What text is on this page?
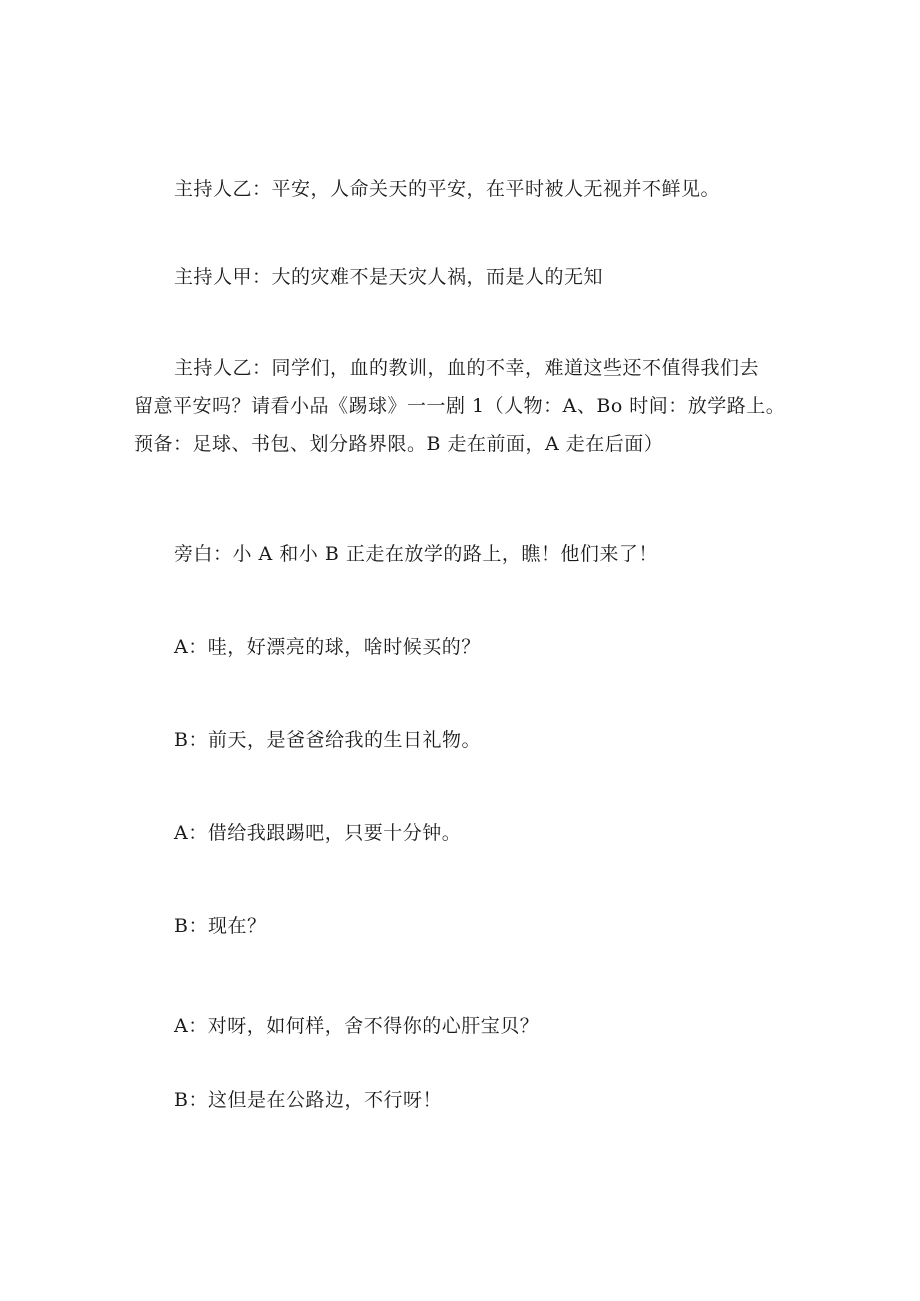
主持人乙：平安，人命关天的平安，在平时被人无视并不鲜见。

主持人甲：大的灾难不是天灾人祸，而是人的无知

主持人乙：同学们，血的教训，血的不幸，难道这些还不值得我们去
留意平安吗？请看小品《踢球》一一剧 1（人物：A、Bo 时间：放学路上。
预备：足球、书包、划分路界限。B 走在前面，A 走在后面）

旁白：小 A 和小 B 正走在放学的路上，瞧！他们来了！

A：哇，好漂亮的球，啥时候买的？

B：前天，是爸爸给我的生日礼物。

A：借给我跟踢吧，只要十分钟。

B：现在？

A：对呀，如何样，舍不得你的心肝宝贝？

B：这但是在公路边，不行呀！
